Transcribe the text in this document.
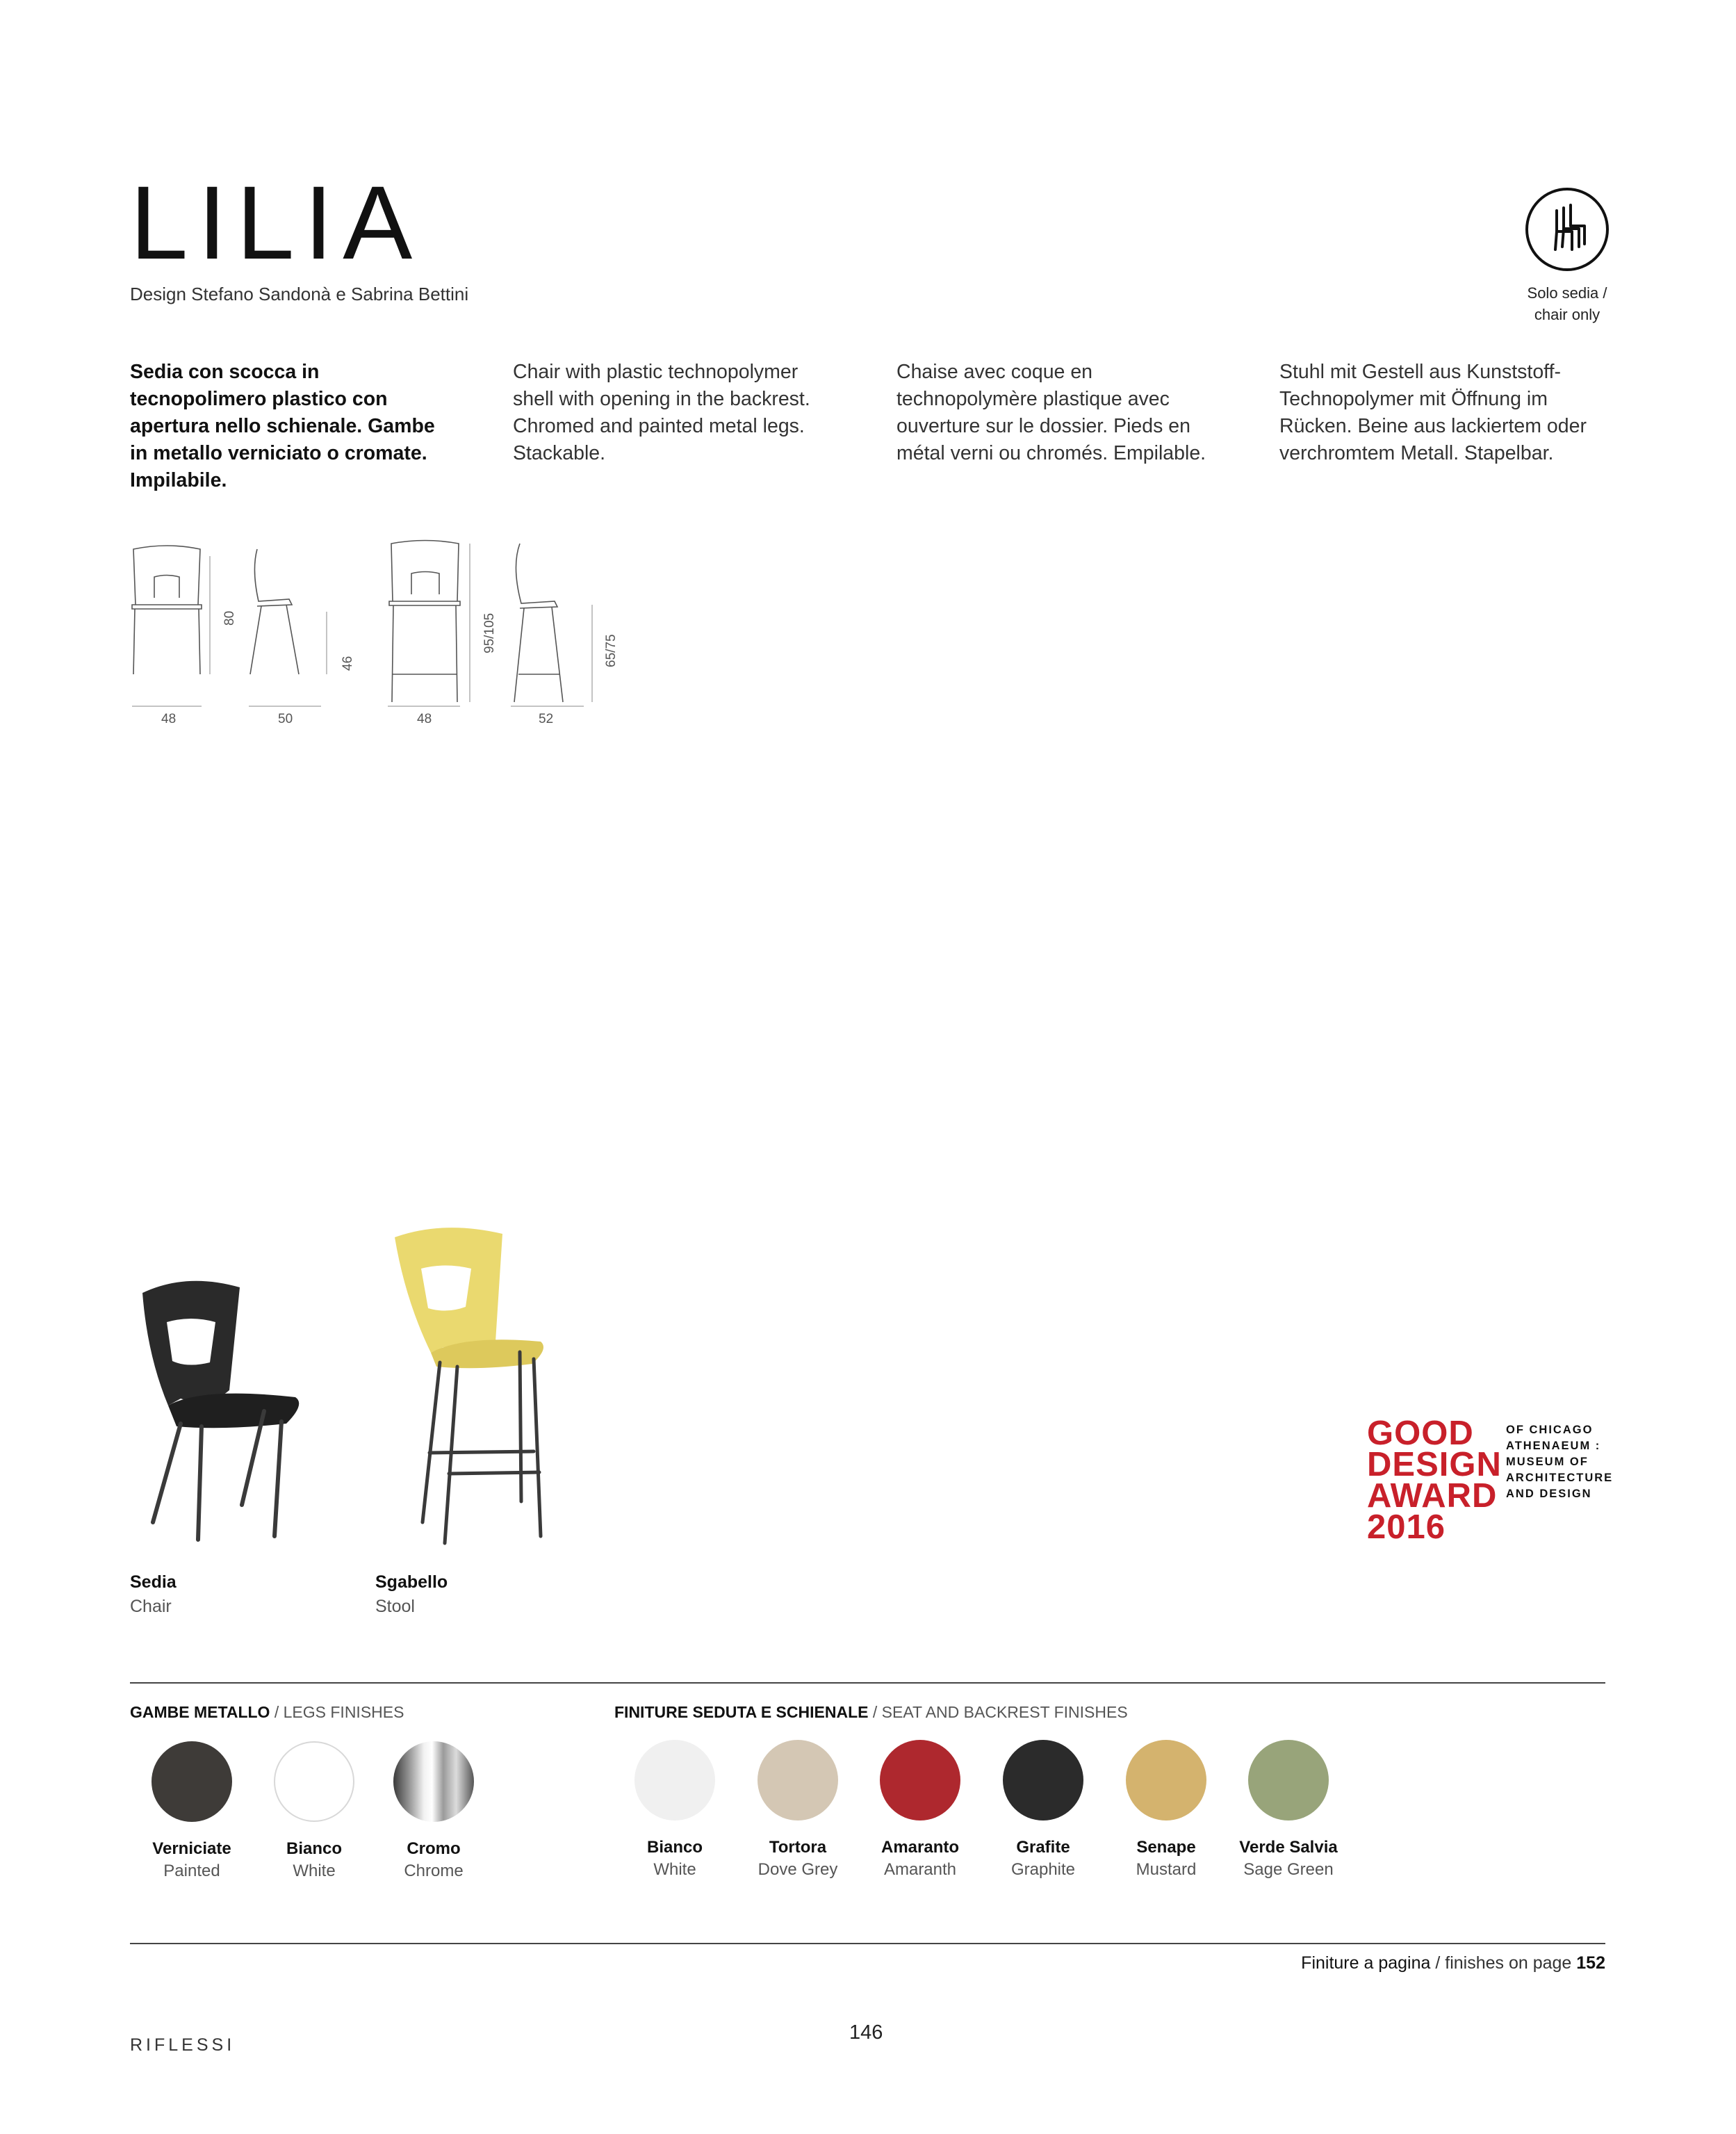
LILIA
Design Stefano Sandonà e Sabrina Bettini	Solo sedia /
chair only
Sedia con scocca in tecnopolimero plastico con apertura nello schienale. Gambe in metallo verniciato o cromate. Impilabile.
Chair with plastic technopolymer shell with opening in the backrest. Chromed and painted metal legs. Stackable.
Chaise avec coque en technopolymère plastique avec ouverture sur le dossier. Pieds en métal verni ou chromés. Empilable.
Stuhl mit Gestell aus Kunststoff-Technopolymer mit Öffnung im Rücken. Beine aus lackiertem oder verchromtem Metall. Stapelbar.
48	50	48	52
80
46
95/105	65/75
Sedia
Chair
Sgabello
Stool
GOOD
DESIGN
AWARD
2016
OF CHICAGO
ATHENAEUM :
MUSEUM OF
ARCHITECTURE
AND DESIGN
GAMBE METALLO / LEGS FINISHES	FINITURE SEDUTA E SCHIENALE / SEAT AND BACKREST FINISHES
Verniciate
Painted
Bianco
White
Cromo
Chrome
Bianco
White
Tortora
Dove Grey
Amaranto
Amaranth
Grafite
Graphite
Senape
Mustard
Verde Salvia
Sage Green
Finiture a pagina / finishes on page 152
RIFLESSI
146
